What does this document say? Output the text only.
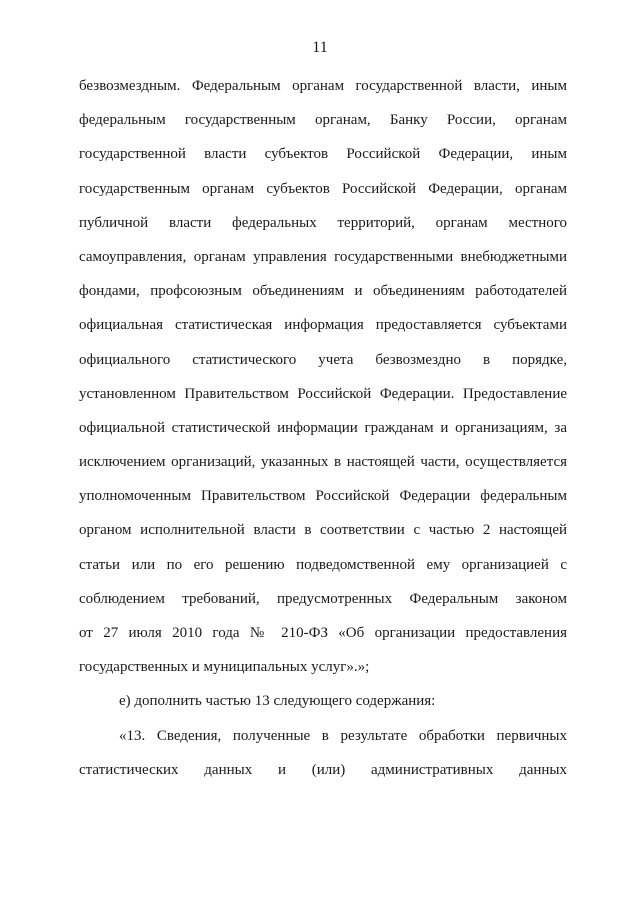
11
безвозмездным. Федеральным органам государственной власти, иным
федеральным государственным органам, Банку России, органам
государственной власти субъектов Российской Федерации, иным
государственным органам субъектов Российской Федерации, органам
публичной власти федеральных территорий, органам местного
самоуправления, органам управления государственными внебюджетными
фондами, профсоюзным объединениям и объединениям работодателей
официальная статистическая информация предоставляется субъектами
официального статистического учета безвозмездно в порядке,
установленном Правительством Российской Федерации. Предоставление
официальной статистической информации гражданам и организациям, за
исключением организаций, указанных в настоящей части, осуществляется
уполномоченным Правительством Российской Федерации федеральным
органом исполнительной власти в соответствии с частью 2 настоящей
статьи или по его решению подведомственной ему организацией с
соблюдением требований, предусмотренных Федеральным законом
от 27 июля 2010 года № 210-ФЗ «Об организации предоставления
государственных и муниципальных услуг».»;
е) дополнить частью 13 следующего содержания:
«13. Сведения, полученные в результате обработки первичных
статистических данных и (или) административных данных
